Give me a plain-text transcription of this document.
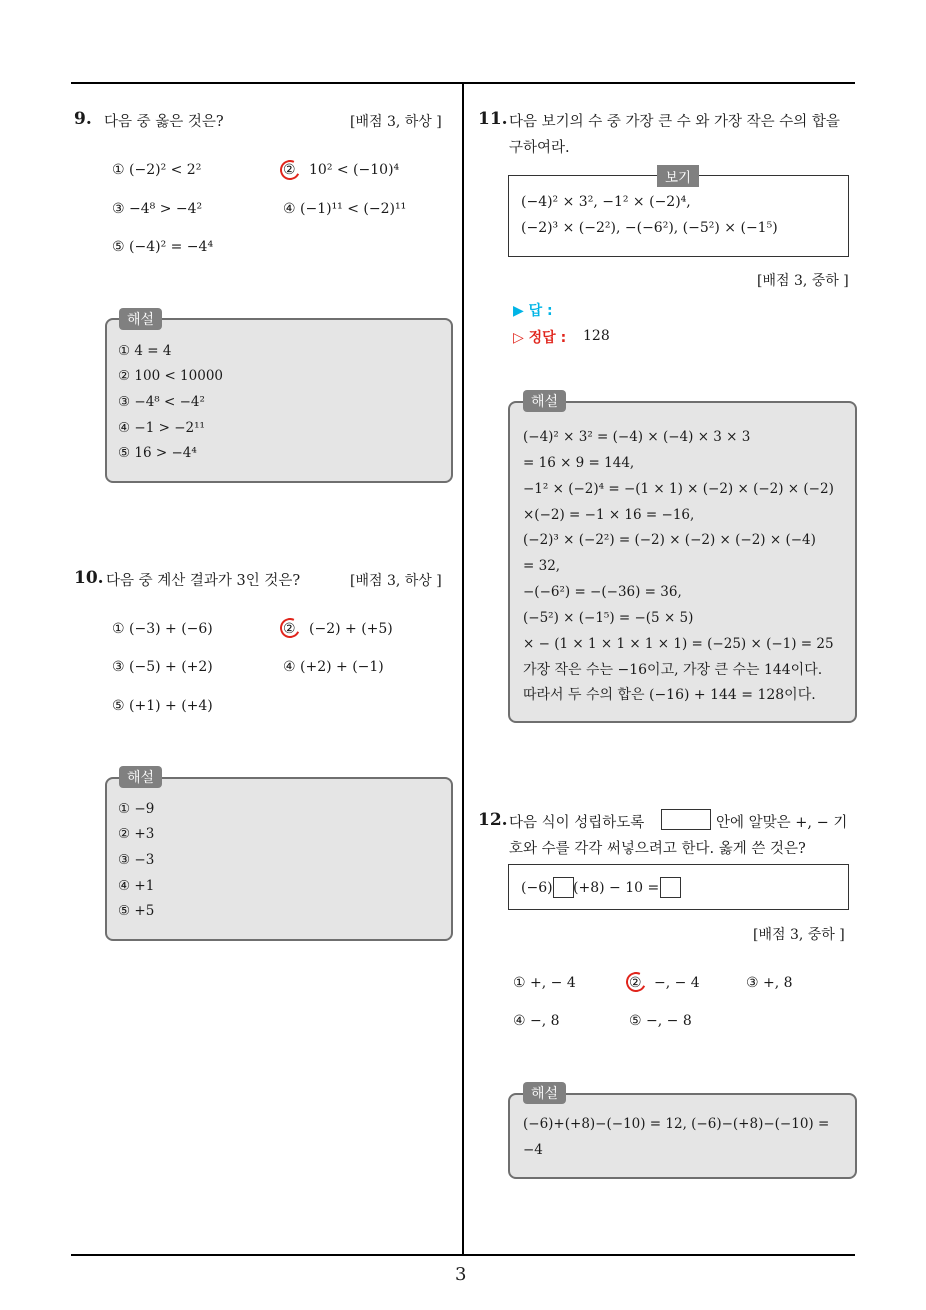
3
9. 다음 중 옳은 것은?	[배점 3, 하상 ]
① (−2)² < 2²	② 10² < (−10)⁴
③ −4⁸ > −4²	④ (−1)¹¹ < (−2)¹¹
⑤ (−4)² = −4⁴
해설
① 4 = 4
② 100 < 10000
③ −4⁸ < −4²
④ −1 > −2¹¹
⑤ 16 > −4⁴
10. 다음 중 계산 결과가 3인 것은?	[배점 3, 하상 ]
① (−3) + (−6)	② (−2) + (+5)
③ (−5) + (+2)	④ (+2) + (−1)
⑤ (+1) + (+4)
해설
① −9
② +3
③ −3
④ +1
⑤ +5
11. 다음 보기의 수 중 가장 큰 수 와 가장 작은 수의 합을
구하여라.
보기
(−4)² × 3², −1² × (−2)⁴,
(−2)³ × (−2²), −(−6²), (−5²) × (−1⁵)
[배점 3, 중하 ]
▶ 답 :
▷ 정답 : 128
해설
(−4)² × 3² = (−4) × (−4) × 3 × 3
= 16 × 9 = 144,
−1² × (−2)⁴ = −(1 × 1) × (−2) × (−2) × (−2)
×(−2) = −1 × 16 = −16,
(−2)³ × (−2²) = (−2) × (−2) × (−2) × (−4)
= 32,
−(−6²) = −(−36) = 36,
(−5²) × (−1⁵) = −(5 × 5)
× − (1 × 1 × 1 × 1 × 1) = (−25) × (−1) = 25
가장 작은 수는 −16이고, 가장 큰 수는 144이다.
따라서 두 수의 합은 (−16) + 144 = 128이다.
12. 다음 식이 성립하도록	안에 알맞은 +, − 기
호와 수를 각각 써넣으려고 한다. 옳게 쓴 것은?
(−6) (+8) − 10 =
[배점 3, 중하 ]
① +, − 4	② −, − 4	③ +, 8
④ −, 8	⑤ −, − 8
해설
(−6)+(+8)−(−10) = 12, (−6)−(+8)−(−10) =
−4
